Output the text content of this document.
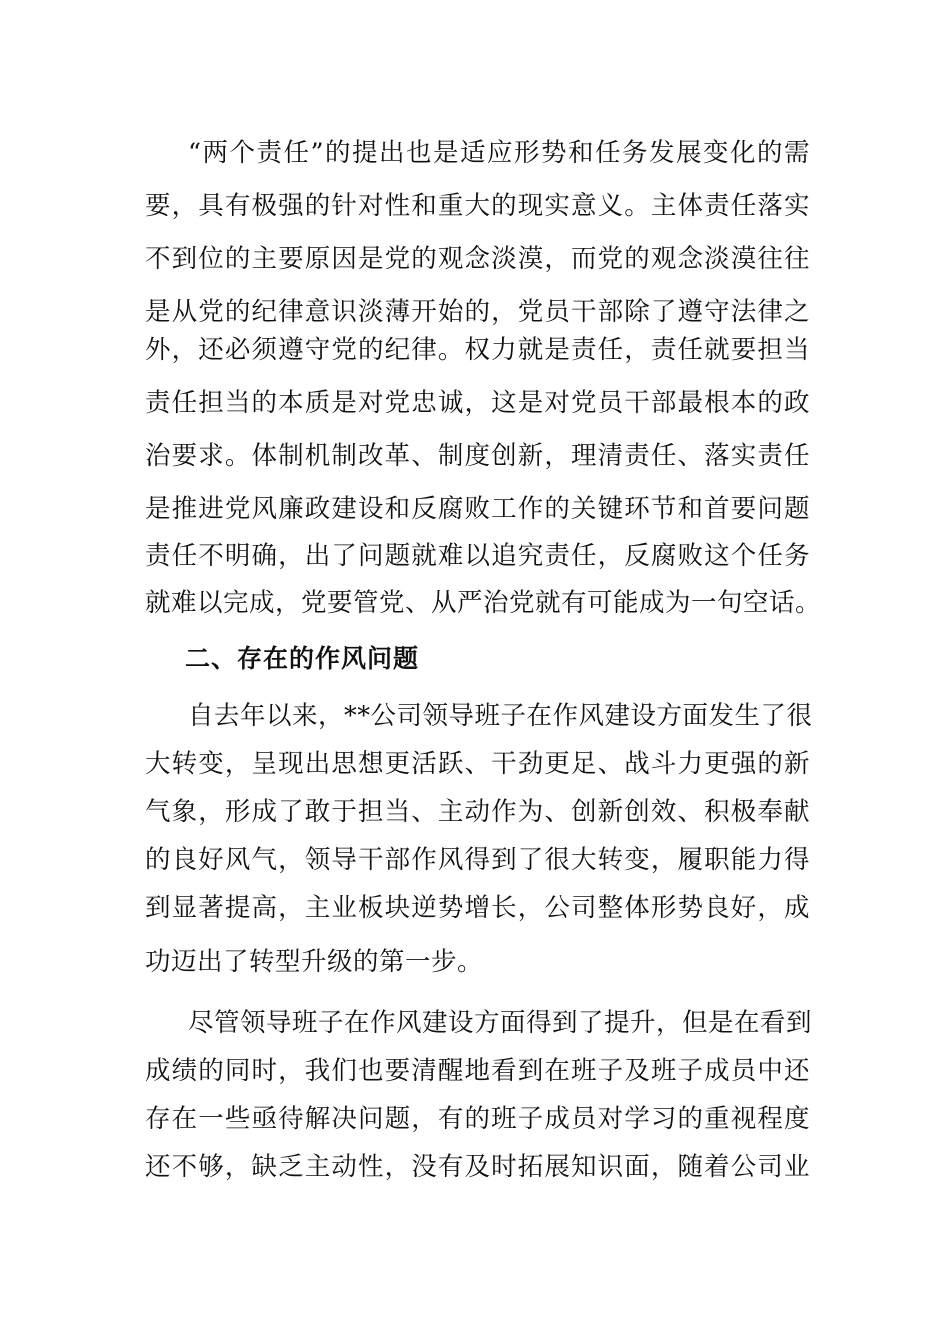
“两个责任”的提出也是适应形势和任务发展变化的需
要，具有极强的针对性和重大的现实意义。主体责任落实
不到位的主要原因是党的观念淡漠，而党的观念淡漠往往
是从党的纪律意识淡薄开始的，党员干部除了遵守法律之
外，还必须遵守党的纪律。权力就是责任，责任就要担当
责任担当的本质是对党忠诚，这是对党员干部最根本的政
治要求。体制机制改革、制度创新，理清责任、落实责任
是推进党风廉政建设和反腐败工作的关键环节和首要问题
责任不明确，出了问题就难以追究责任，反腐败这个任务
就难以完成，党要管党、从严治党就有可能成为一句空话。
二、存在的作风问题
自去年以来，**公司领导班子在作风建设方面发生了很
大转变，呈现出思想更活跃、干劲更足、战斗力更强的新
气象，形成了敢于担当、主动作为、创新创效、积极奉献
的良好风气，领导干部作风得到了很大转变，履职能力得
到显著提高，主业板块逆势增长，公司整体形势良好，成
功迈出了转型升级的第一步。
尽管领导班子在作风建设方面得到了提升，但是在看到
成绩的同时，我们也要清醒地看到在班子及班子成员中还
存在一些亟待解决问题，有的班子成员对学习的重视程度
还不够，缺乏主动性，没有及时拓展知识面，随着公司业
